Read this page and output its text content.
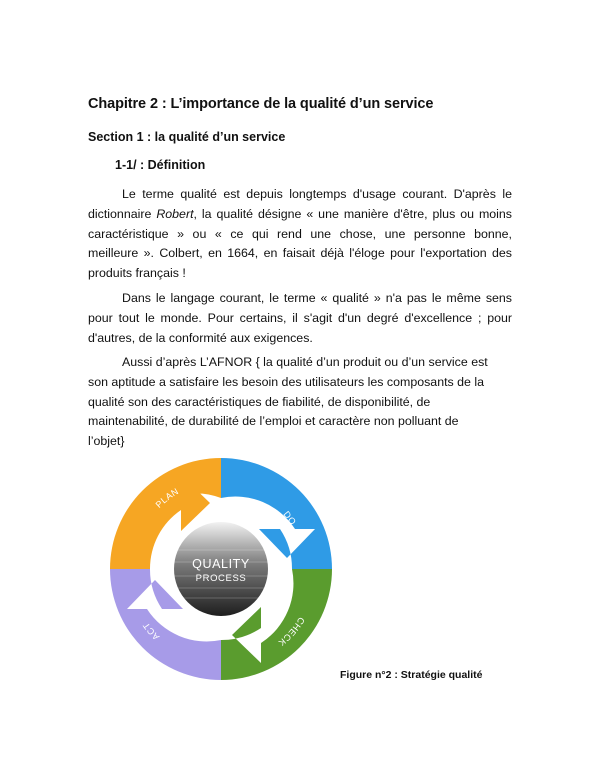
Chapitre 2 : L’importance de la qualité d’un service
Section 1 : la qualité d’un service
1-1/ : Définition
Le terme qualité est depuis longtemps d'usage courant. D'après le
dictionnaire Robert, la qualité désigne « une manière d'être, plus ou moins
caractéristique » ou « ce qui rend une chose, une personne bonne,
meilleure ». Colbert, en 1664, en faisait déjà l'éloge pour l'exportation des
produits français !
Dans le langage courant, le terme « qualité » n'a pas le même sens
pour tout le monde. Pour certains, il s'agit d'un degré d'excellence ; pour
d'autres, de la conformité aux exigences.
Aussi d’après L’AFNOR { la qualité d’un produit ou d’un service est
son aptitude a satisfaire les besoin des utilisateurs les composants de la
qualité son des caractéristiques de fiabilité, de disponibilité, de
maintenabilité, de durabilité de l’emploi et caractère non polluant de
l’objet}
PLAN
DO
CHECK
ACT
QUALITY
PROCESS
Figure n°2 : Stratégie qualité
